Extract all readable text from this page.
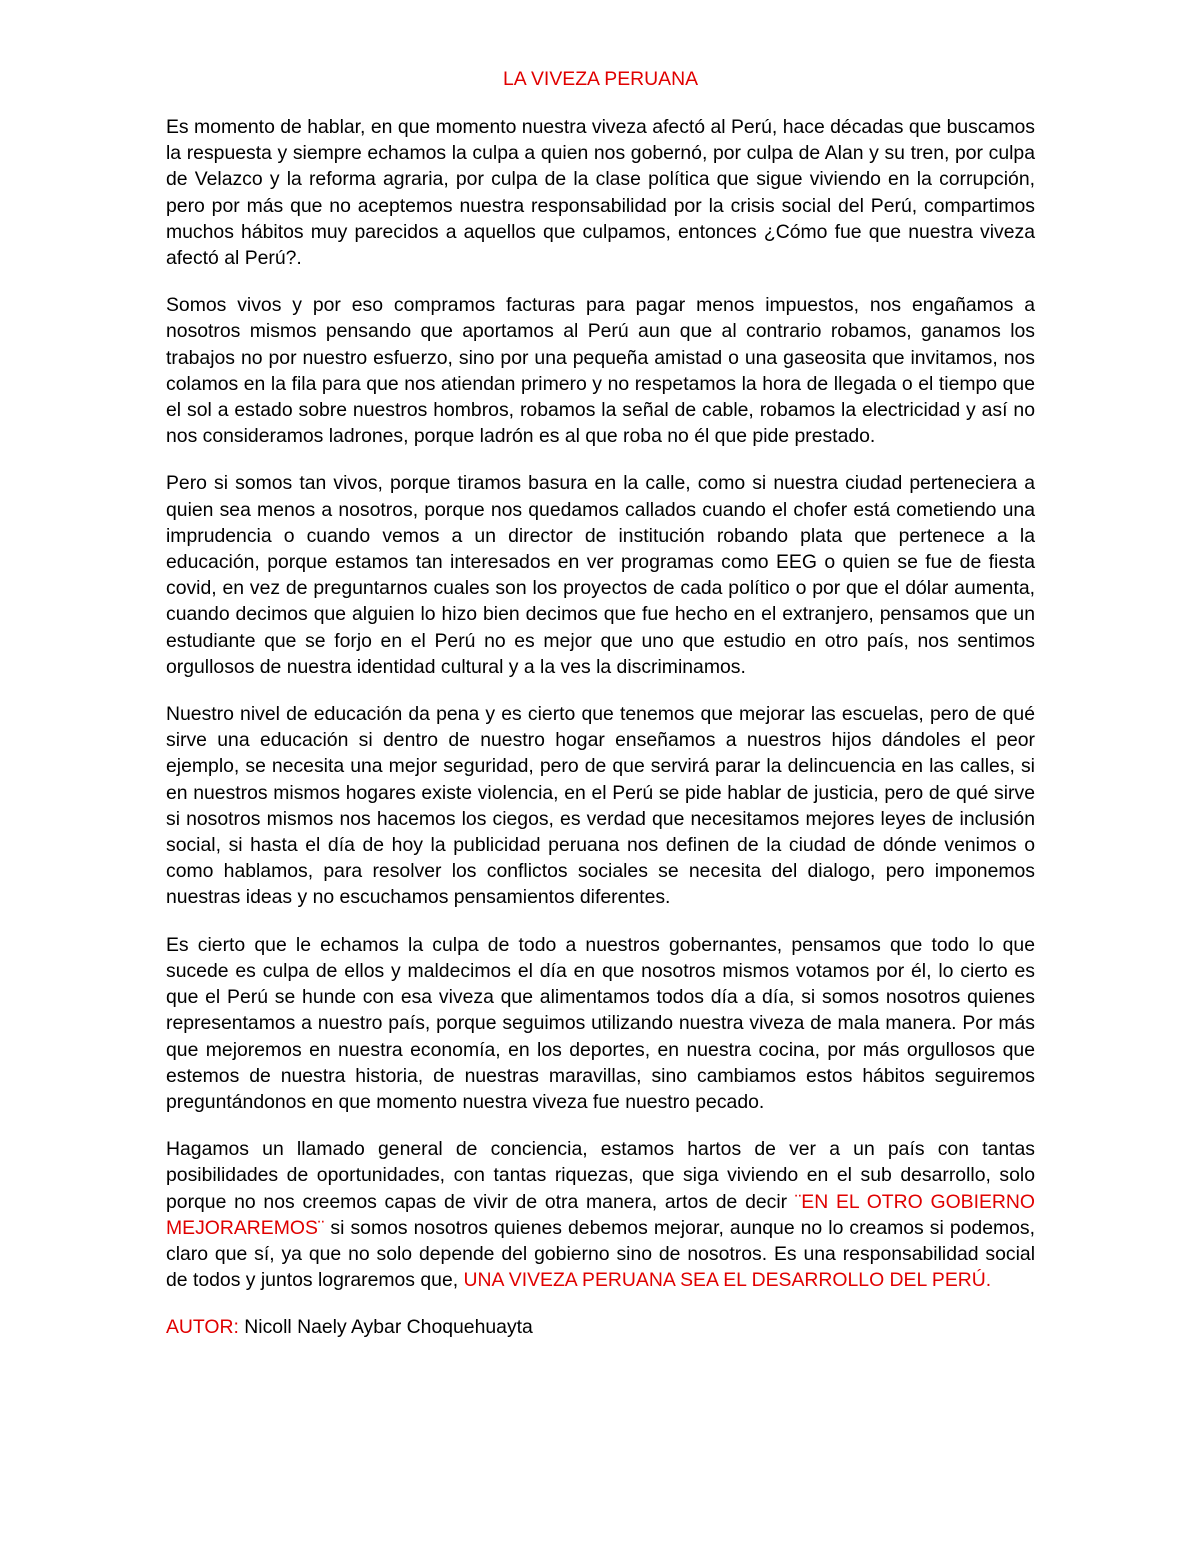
LA VIVEZA PERUANA

Es momento de hablar, en que momento nuestra viveza afectó al Perú, hace décadas que buscamos la respuesta y siempre echamos la culpa a quien nos gobernó, por culpa de Alan y su tren, por culpa de Velazco y la reforma agraria, por culpa de la clase política que sigue viviendo en la corrupción, pero por más que no aceptemos nuestra responsabilidad por la crisis social del Perú, compartimos muchos hábitos muy parecidos a aquellos que culpamos, entonces ¿Cómo fue que nuestra viveza afectó al Perú?.

Somos vivos y por eso compramos facturas para pagar menos impuestos, nos engañamos a nosotros mismos pensando que aportamos al Perú aun que al contrario robamos, ganamos los trabajos no por nuestro esfuerzo, sino por una pequeña amistad o una gaseosita que invitamos, nos colamos en la fila para que nos atiendan primero y no respetamos la hora de llegada o el tiempo que el sol a estado sobre nuestros hombros, robamos la señal de cable, robamos la electricidad y así no nos consideramos ladrones, porque ladrón es al que roba no él que pide prestado.

Pero si somos tan vivos, porque tiramos basura en la calle, como si nuestra ciudad perteneciera a quien sea menos a nosotros, porque nos quedamos callados cuando el chofer está cometiendo una imprudencia o cuando vemos a un director de institución robando plata que pertenece a la educación, porque estamos tan interesados en ver programas como EEG o quien se fue de fiesta covid, en vez de preguntarnos cuales son los proyectos de cada político o por que el dólar aumenta, cuando decimos que alguien lo hizo bien decimos que fue hecho en el extranjero, pensamos que un estudiante que se forjo en el Perú no es mejor que uno que estudio en otro país, nos sentimos orgullosos de nuestra identidad cultural y a la ves la discriminamos.

Nuestro nivel de educación da pena y es cierto que tenemos que mejorar las escuelas, pero de qué sirve una educación si dentro de nuestro hogar enseñamos a nuestros hijos dándoles el peor ejemplo, se necesita una mejor seguridad, pero de que servirá parar la delincuencia en las calles, si en nuestros mismos hogares existe violencia, en el Perú se pide hablar de justicia, pero de qué sirve si nosotros mismos nos hacemos los ciegos, es verdad que necesitamos mejores leyes de inclusión social, si hasta el día de hoy la publicidad peruana nos definen de la ciudad de dónde venimos o como hablamos, para resolver los conflictos sociales se necesita del dialogo, pero imponemos nuestras ideas y no escuchamos pensamientos diferentes.

Es cierto que le echamos la culpa de todo a nuestros gobernantes, pensamos que todo lo que sucede es culpa de ellos y maldecimos el día en que nosotros mismos votamos por él, lo cierto es que el Perú se hunde con esa viveza que alimentamos todos día a día, si somos nosotros quienes representamos a nuestro país, porque seguimos utilizando nuestra viveza de mala manera. Por más que mejoremos en nuestra economía, en los deportes, en nuestra cocina, por más orgullosos que estemos de nuestra historia, de nuestras maravillas, sino cambiamos estos hábitos seguiremos preguntándonos en que momento nuestra viveza fue nuestro pecado.

Hagamos un llamado general de conciencia, estamos hartos de ver a un país con tantas posibilidades de oportunidades, con tantas riquezas, que siga viviendo en el sub desarrollo, solo porque no nos creemos capas de vivir de otra manera, artos de decir ¨EN EL OTRO GOBIERNO MEJORAREMOS¨ si somos nosotros quienes debemos mejorar, aunque no lo creamos si podemos, claro que sí, ya que no solo depende del gobierno sino de nosotros. Es una responsabilidad social de todos y juntos lograremos que, UNA VIVEZA PERUANA SEA EL DESARROLLO DEL PERÚ.

AUTOR: Nicoll Naely Aybar Choquehuayta
